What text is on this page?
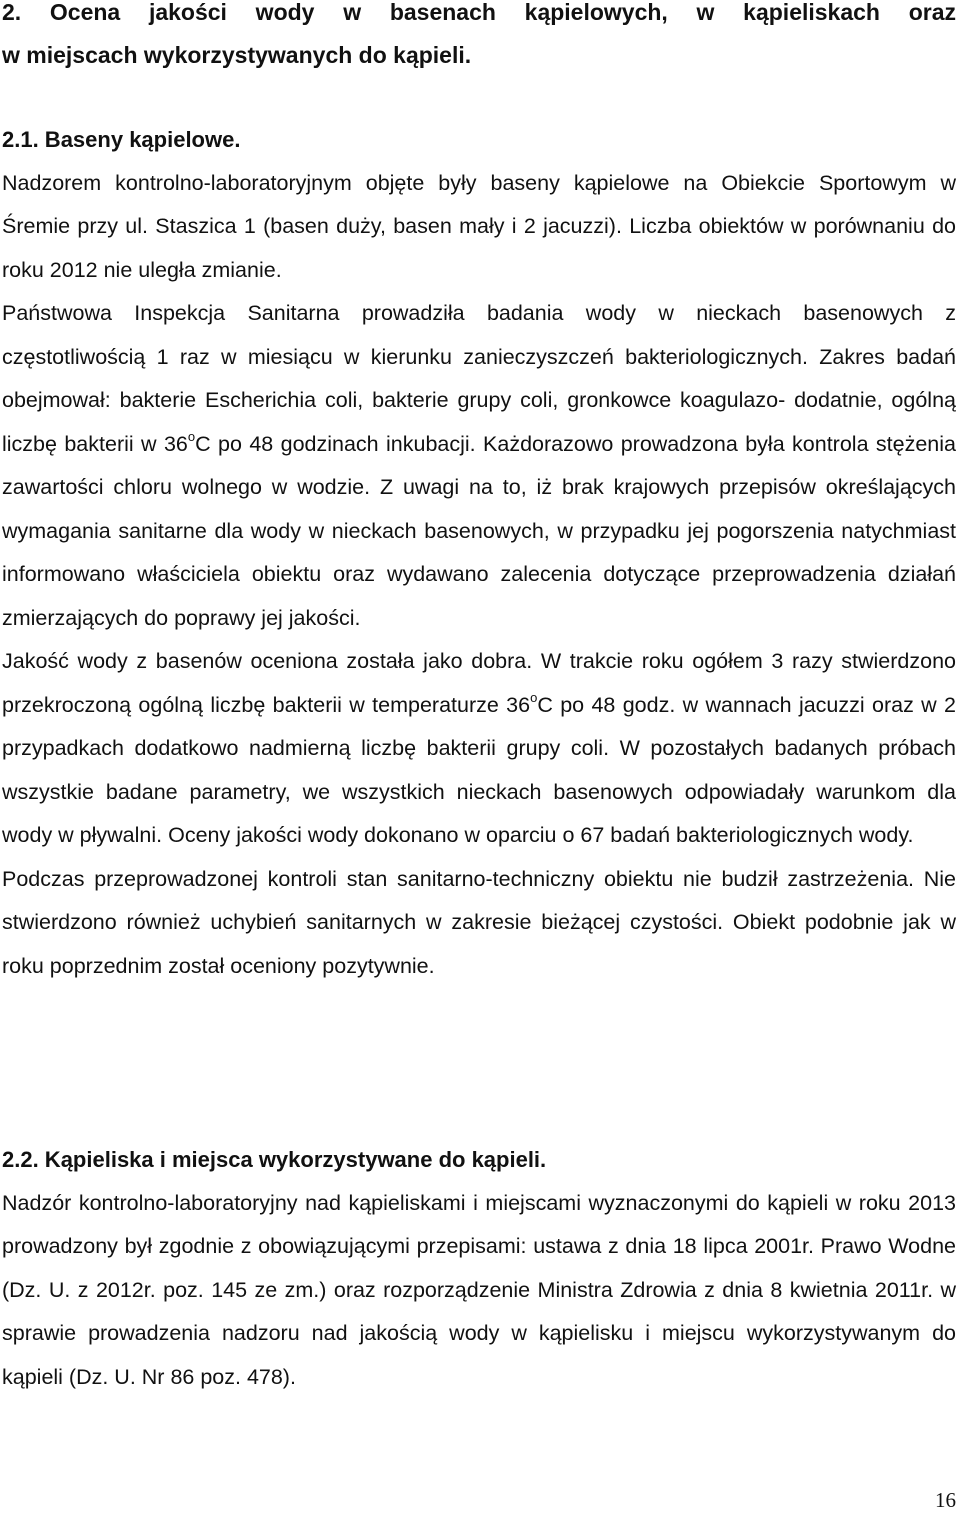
2. Ocena jakości wody w basenach kąpielowych, w kąpieliskach oraz
w miejscach wykorzystywanych do kąpieli.
2.1. Baseny kąpielowe.

Nadzorem kontrolno-laboratoryjnym objęte były baseny kąpielowe na Obiekcie Sportowym w Śremie przy ul. Staszica 1 (basen duży, basen mały i 2 jacuzzi). Liczba obiektów w porównaniu do roku 2012 nie uległa zmianie.

Państwowa Inspekcja Sanitarna prowadziła badania wody w nieckach basenowych z częstotliwością 1 raz w miesiącu w kierunku zanieczyszczeń bakteriologicznych. Zakres badań obejmował: bakterie Escherichia coli, bakterie grupy coli, gronkowce koagulazo- dodatnie, ogólną liczbę bakterii w 36$^o$C po 48 godzinach inkubacji. Każdorazowo prowadzona była kontrola stężenia zawartości chloru wolnego w wodzie. Z uwagi na to, iż brak krajowych przepisów określających wymagania sanitarne dla wody w nieckach basenowych, w przypadku jej pogorszenia natychmiast informowano właściciela obiektu oraz wydawano zalecenia dotyczące przeprowadzenia działań zmierzających do poprawy jej jakości.

Jakość wody z basenów oceniona została jako dobra. W trakcie roku ogółem 3 razy stwierdzono przekroczoną ogólną liczbę bakterii w temperaturze 36$^o$C po 48 godz. w wannach jacuzzi oraz w 2 przypadkach dodatkowo nadmierną liczbę bakterii grupy coli. W pozostałych badanych próbach wszystkie badane parametry, we wszystkich nieckach basenowych odpowiadały warunkom dla wody w pływalni. Oceny jakości wody dokonano w oparciu o 67 badań bakteriologicznych wody.

Podczas przeprowadzonej kontroli stan sanitarno-techniczny obiektu nie budził zastrzeżenia. Nie stwierdzono również uchybień sanitarnych w zakresie bieżącej czystości. Obiekt podobnie jak w roku poprzednim został oceniony pozytywnie.

2.2. Kąpieliska i miejsca wykorzystywane do kąpieli.

Nadzór kontrolno-laboratoryjny nad kąpieliskami i miejscami wyznaczonymi do kąpieli w roku 2013 prowadzony był zgodnie z obowiązującymi przepisami: ustawa z dnia 18 lipca 2001r. Prawo Wodne (Dz. U. z 2012r. poz. 145 ze zm.) oraz rozporządzenie Ministra Zdrowia z dnia 8 kwietnia 2011r. w sprawie prowadzenia nadzoru nad jakością wody w kąpielisku i miejscu wykorzystywanym do kąpieli (Dz. U. Nr 86 poz. 478).

16
